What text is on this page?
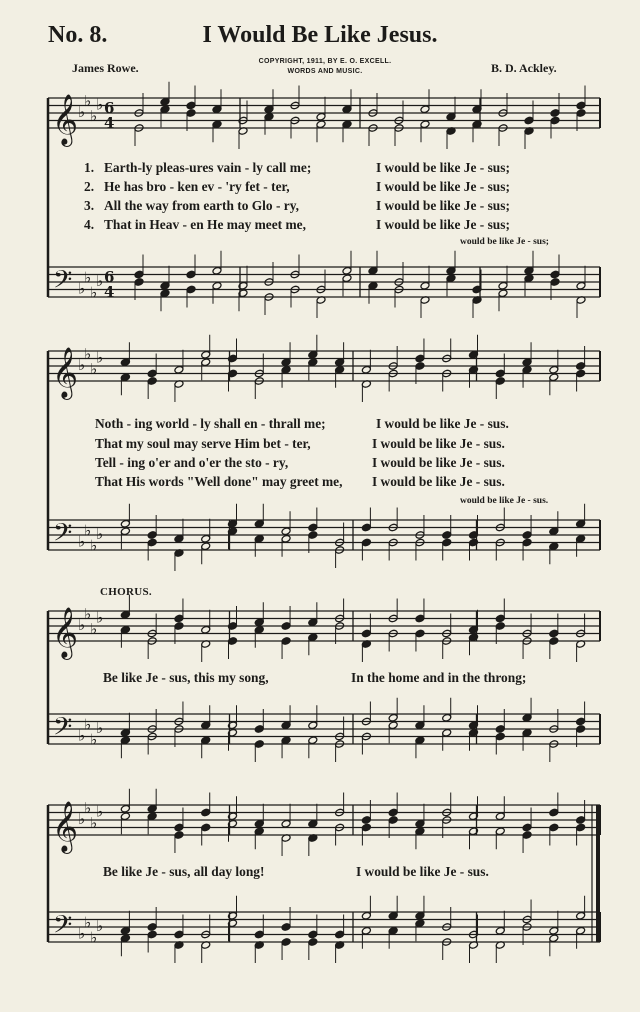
No. 8.	I Would Be Like Jesus.
James Rowe.	COPYRIGHT, 1911, BY E. O. EXCELL.
WORDS AND MUSIC.	B. D. Ackley.
𝄞
𝄢
♭
♭
♭
♭
♭
♭
♭
♭
6
4
6
4
𝄞
𝄢
♭
♭
♭
♭
♭
♭
♭
♭
𝄞
𝄢
♭
♭
♭
♭
♭
♭
♭
♭
𝄞
𝄢
♭
♭
♭
♭
♭
♭
♭
♭
1. Earth-ly pleas-ures vain - ly call me;	I would be like Je - sus;
2. He has bro - ken ev - 'ry fet - ter,	I would be like Je - sus;
3. All the way from earth to Glo - ry,	I would be like Je - sus;
4. That in Heav - en He may meet me,	I would be like Je - sus;
would be like Je - sus;
Noth - ing world - ly shall en - thrall me;	I would be like Je - sus.
That my soul may serve Him bet - ter,	I would be like Je - sus.
Tell - ing o'er and o'er the sto - ry,	I would be like Je - sus.
That His words "Well done" may greet me, I would be like Je - sus.
would be like Je - sus.
CHORUS.
Be like Je - sus, this my song,	In the home and in the throng;
Be like Je - sus, all day long!	I would be like Je - sus.
